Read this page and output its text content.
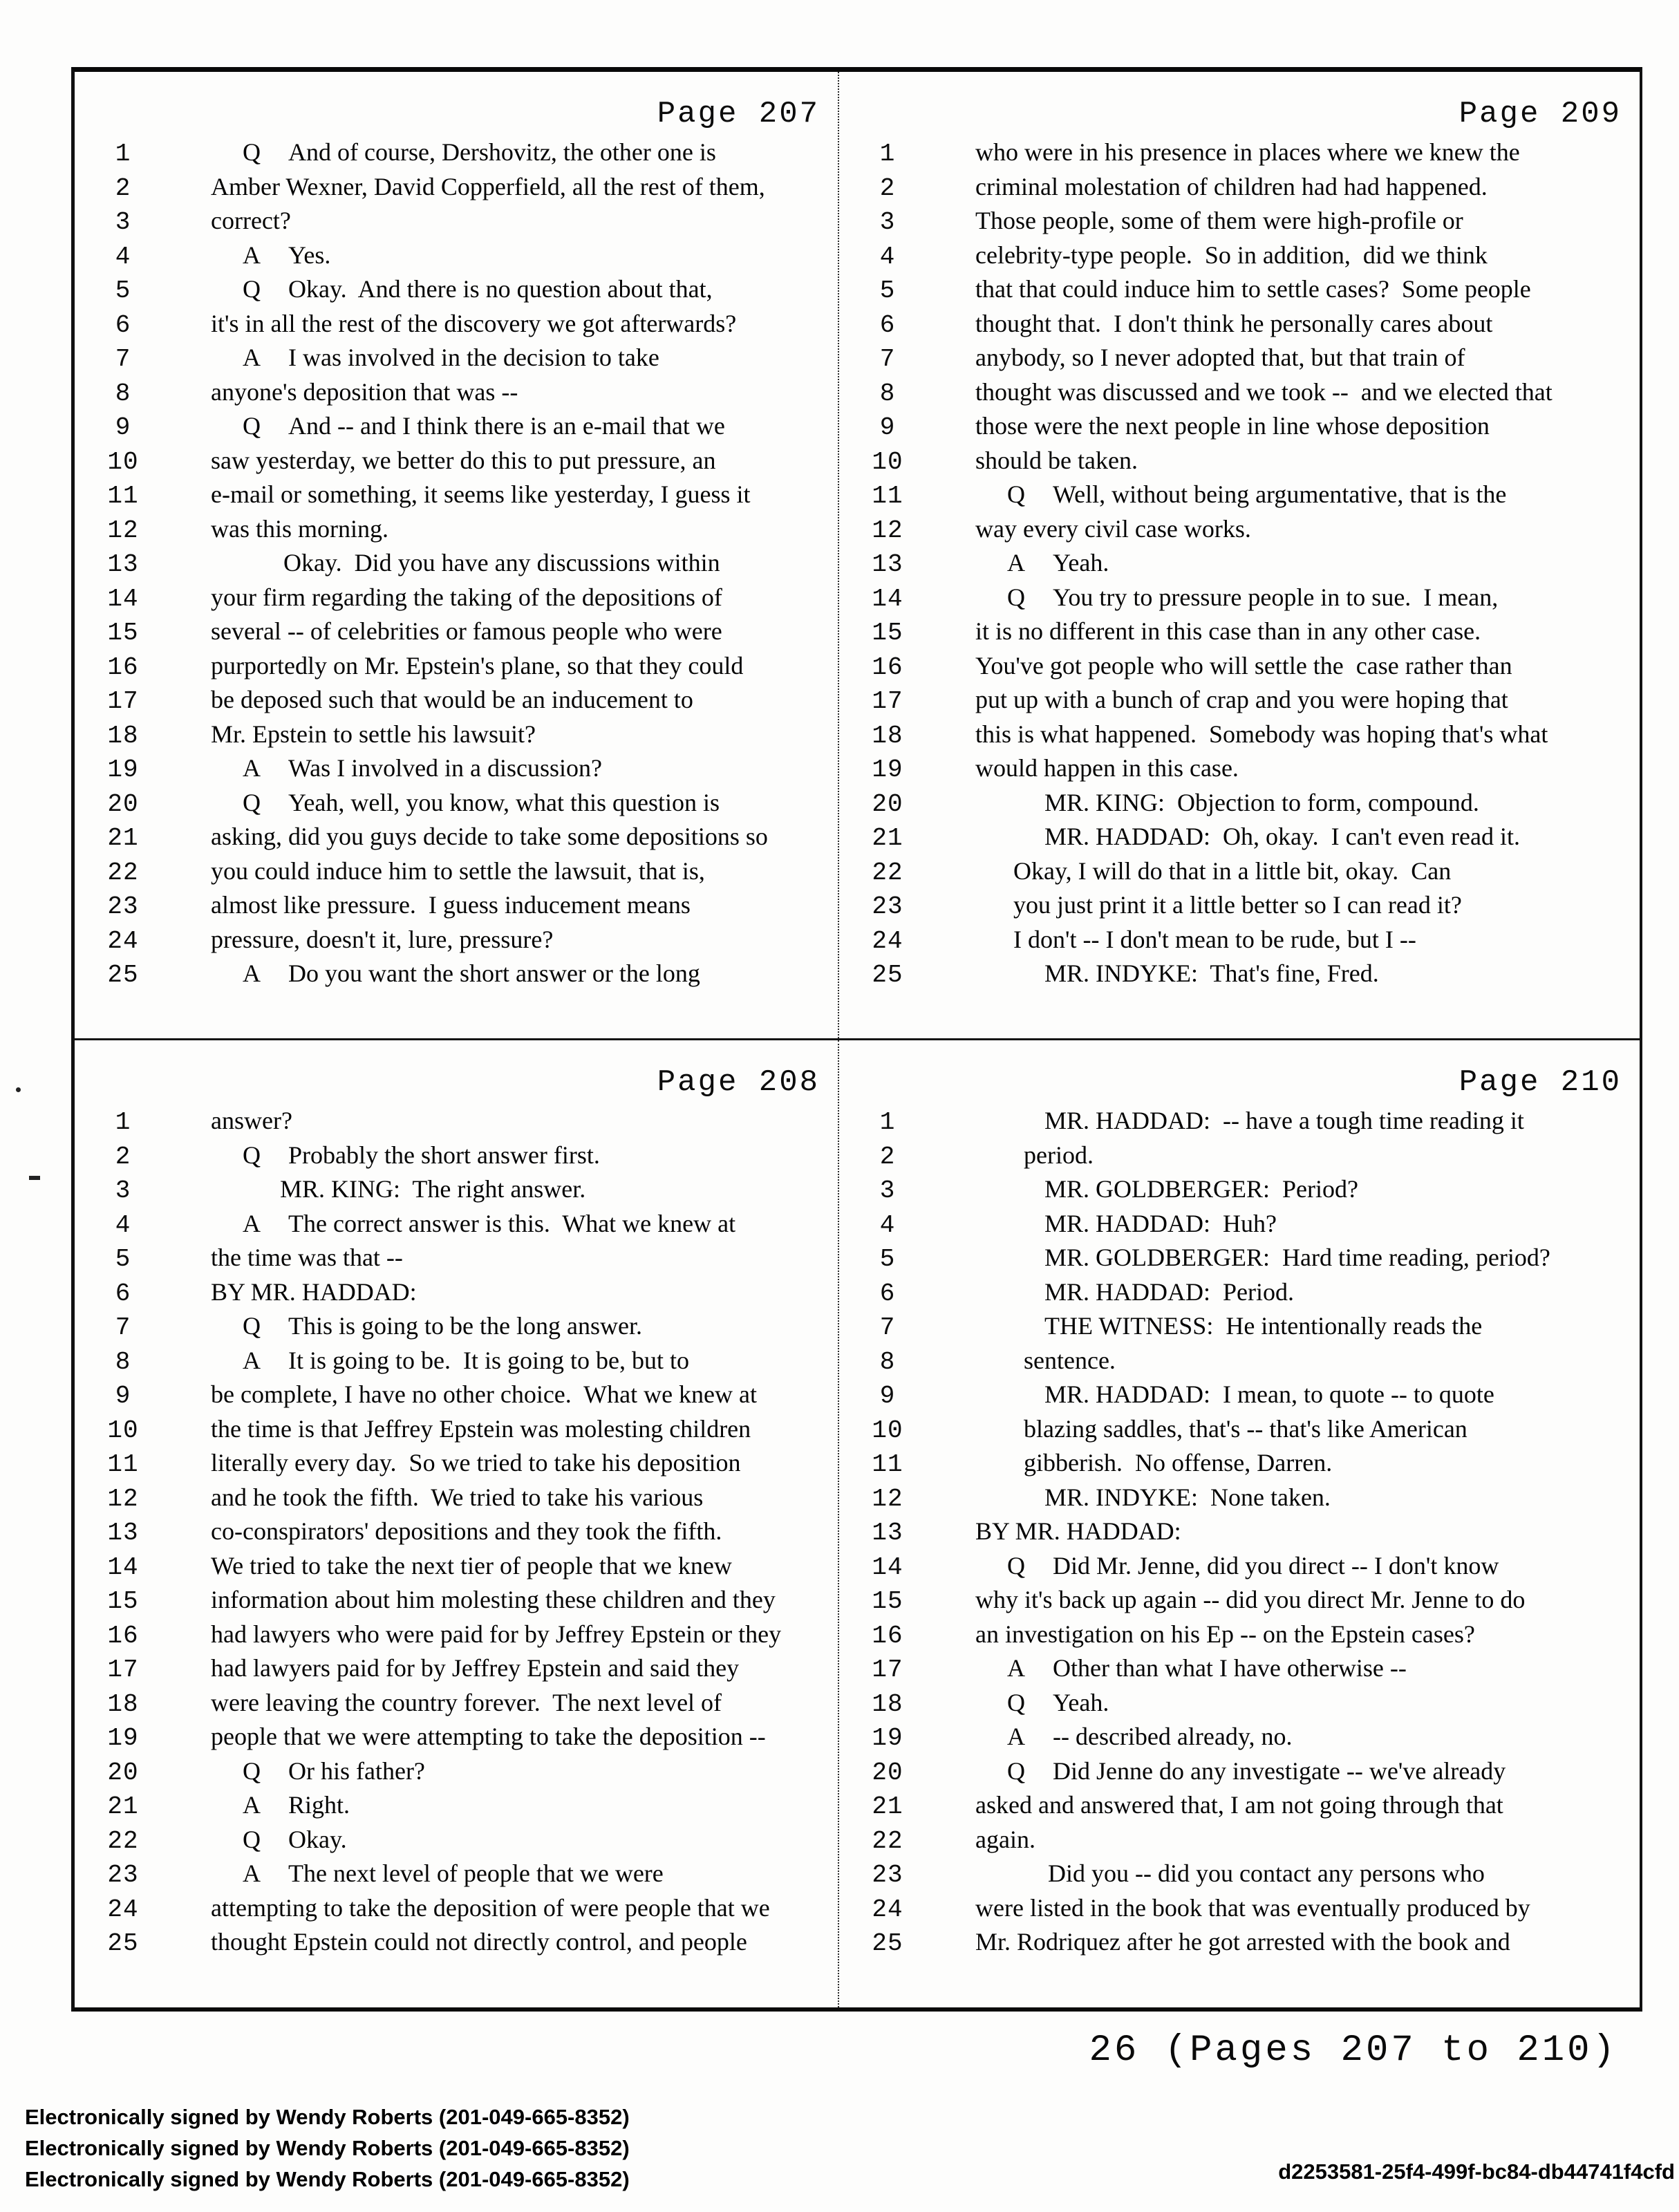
Page 207
1	Q And of course, Dershovitz, the other one is
2	Amber Wexner, David Copperfield, all the rest of them,
3	correct?
4	A Yes.
5	Q Okay.  And there is no question about that,
6	it's in all the rest of the discovery we got afterwards?
7	A I was involved in the decision to take
8	anyone's deposition that was --
9	Q And -- and I think there is an e-mail that we
10	saw yesterday, we better do this to put pressure, an
11	e-mail or something, it seems like yesterday, I guess it
12	was this morning.
13	Okay.  Did you have any discussions within
14	your firm regarding the taking of the depositions of
15	several -- of celebrities or famous people who were
16	purportedly on Mr. Epstein's plane, so that they could
17	be deposed such that would be an inducement to
18	Mr. Epstein to settle his lawsuit?
19	A Was I involved in a discussion?
20	Q Yeah, well, you know, what this question is
21	asking, did you guys decide to take some depositions so
22	you could induce him to settle the lawsuit, that is,
23	almost like pressure.  I guess inducement means
24	pressure, doesn't it, lure, pressure?
25	A Do you want the short answer or the long
Page 209
1	who were in his presence in places where we knew the
2	criminal molestation of children had had happened.
3	Those people, some of them were high-profile or
4	celebrity-type people.  So in addition,  did we think
5	that that could induce him to settle cases?  Some people
6	thought that.  I don't think he personally cares about
7	anybody, so I never adopted that, but that train of
8	thought was discussed and we took --  and we elected that
9	those were the next people in line whose deposition
10	should be taken.
11	Q Well, without being argumentative, that is the
12	way every civil case works.
13	A Yeah.
14	Q You try to pressure people in to sue.  I mean,
15	it is no different in this case than in any other case.
16	You've got people who will settle the  case rather than
17	put up with a bunch of crap and you were hoping that
18	this is what happened.  Somebody was hoping that's what
19	would happen in this case.
20	MR. KING:  Objection to form, compound.
21	MR. HADDAD:  Oh, okay.  I can't even read it.
22	Okay, I will do that in a little bit, okay.  Can
23	you just print it a little better so I can read it?
24	I don't -- I don't mean to be rude, but I --
25	MR. INDYKE:  That's fine, Fred.
Page 208
1	answer?
2	Q Probably the short answer first.
3	MR. KING:  The right answer.
4	A The correct answer is this.  What we knew at
5	the time was that --
6	BY MR. HADDAD:
7	Q This is going to be the long answer.
8	A It is going to be.  It is going to be, but to
9	be complete, I have no other choice.  What we knew at
10	the time is that Jeffrey Epstein was molesting children
11	literally every day.  So we tried to take his deposition
12	and he took the fifth.  We tried to take his various
13	co-conspirators' depositions and they took the fifth.
14	We tried to take the next tier of people that we knew
15	information about him molesting these children and they
16	had lawyers who were paid for by Jeffrey Epstein or they
17	had lawyers paid for by Jeffrey Epstein and said they
18	were leaving the country forever.  The next level of
19	people that we were attempting to take the deposition --
20	Q Or his father?
21	A Right.
22	Q Okay.
23	A The next level of people that we were
24	attempting to take the deposition of were people that we
25	thought Epstein could not directly control, and people
Page 210
1	MR. HADDAD:  -- have a tough time reading it
2	period.
3	MR. GOLDBERGER:  Period?
4	MR. HADDAD:  Huh?
5	MR. GOLDBERGER:  Hard time reading, period?
6	MR. HADDAD:  Period.
7	THE WITNESS:  He intentionally reads the
8	sentence.
9	MR. HADDAD:  I mean, to quote -- to quote
10	blazing saddles, that's -- that's like American
11	gibberish.  No offense, Darren.
12	MR. INDYKE:  None taken.
13	BY MR. HADDAD:
14	Q Did Mr. Jenne, did you direct -- I don't know
15	why it's back up again -- did you direct Mr. Jenne to do
16	an investigation on his Ep -- on the Epstein cases?
17	A Other than what I have otherwise --
18	Q Yeah.
19	A -- described already, no.
20	Q Did Jenne do any investigate -- we've already
21	asked and answered that, I am not going through that
22	again.
23	Did you -- did you contact any persons who
24	were listed in the book that was eventually produced by
25	Mr. Rodriquez after he got arrested with the book and
26 (Pages 207 to 210)
Electronically signed by Wendy Roberts (201-049-665-8352)
Electronically signed by Wendy Roberts (201-049-665-8352)
Electronically signed by Wendy Roberts (201-049-665-8352)	d2253581-25f4-499f-bc84-db44741f4cfd
